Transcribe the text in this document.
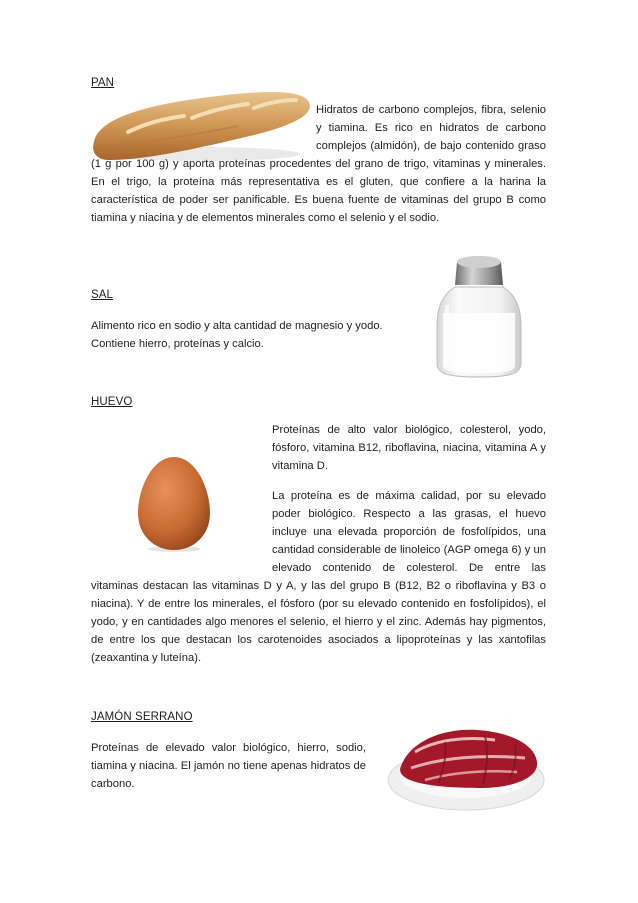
PAN

Hidratos de carbono complejos, fibra, selenio y tiamina. Es rico en hidratos de carbono complejos (almidón), de bajo contenido graso (1 g por 100 g) y aporta proteínas procedentes del grano de trigo, vitaminas y minerales. En el trigo, la proteína más representativa es el gluten, que confiere a la harina la característica de poder ser panificable. Es buena fuente de vitaminas del grupo B como tiamina y niacina y de elementos minerales como el selenio y el sodio.

SAL

Alimento rico en sodio y alta cantidad de magnesio y yodo.
Contiene hierro, proteínas y calcio.

HUEVO

Proteínas de alto valor biológico, colesterol, yodo, fósforo, vitamina B12, riboflavina, niacina, vitamina A y vitamina D.

La proteína es de máxima calidad, por su elevado poder biológico. Respecto a las grasas, el huevo incluye una elevada proporción de fosfolípidos, una cantidad considerable de linoleico (AGP omega 6) y un elevado contenido de colesterol. De entre las vitaminas destacan las vitaminas D y A, y las del grupo B (B12, B2 o riboflavina y B3 o niacina). Y de entre los minerales, el fósforo (por su elevado contenido en fosfolípidos), el yodo, y en cantidades algo menores el selenio, el hierro y el zinc. Además hay pigmentos, de entre los que destacan los carotenoides asociados a lipoproteínas y las xantofilas (zeaxantina y luteína).

JAMÓN SERRANO

Proteínas de elevado valor biológico, hierro, sodio, tiamina y niacina. El jamón no tiene apenas hidratos de carbono.
